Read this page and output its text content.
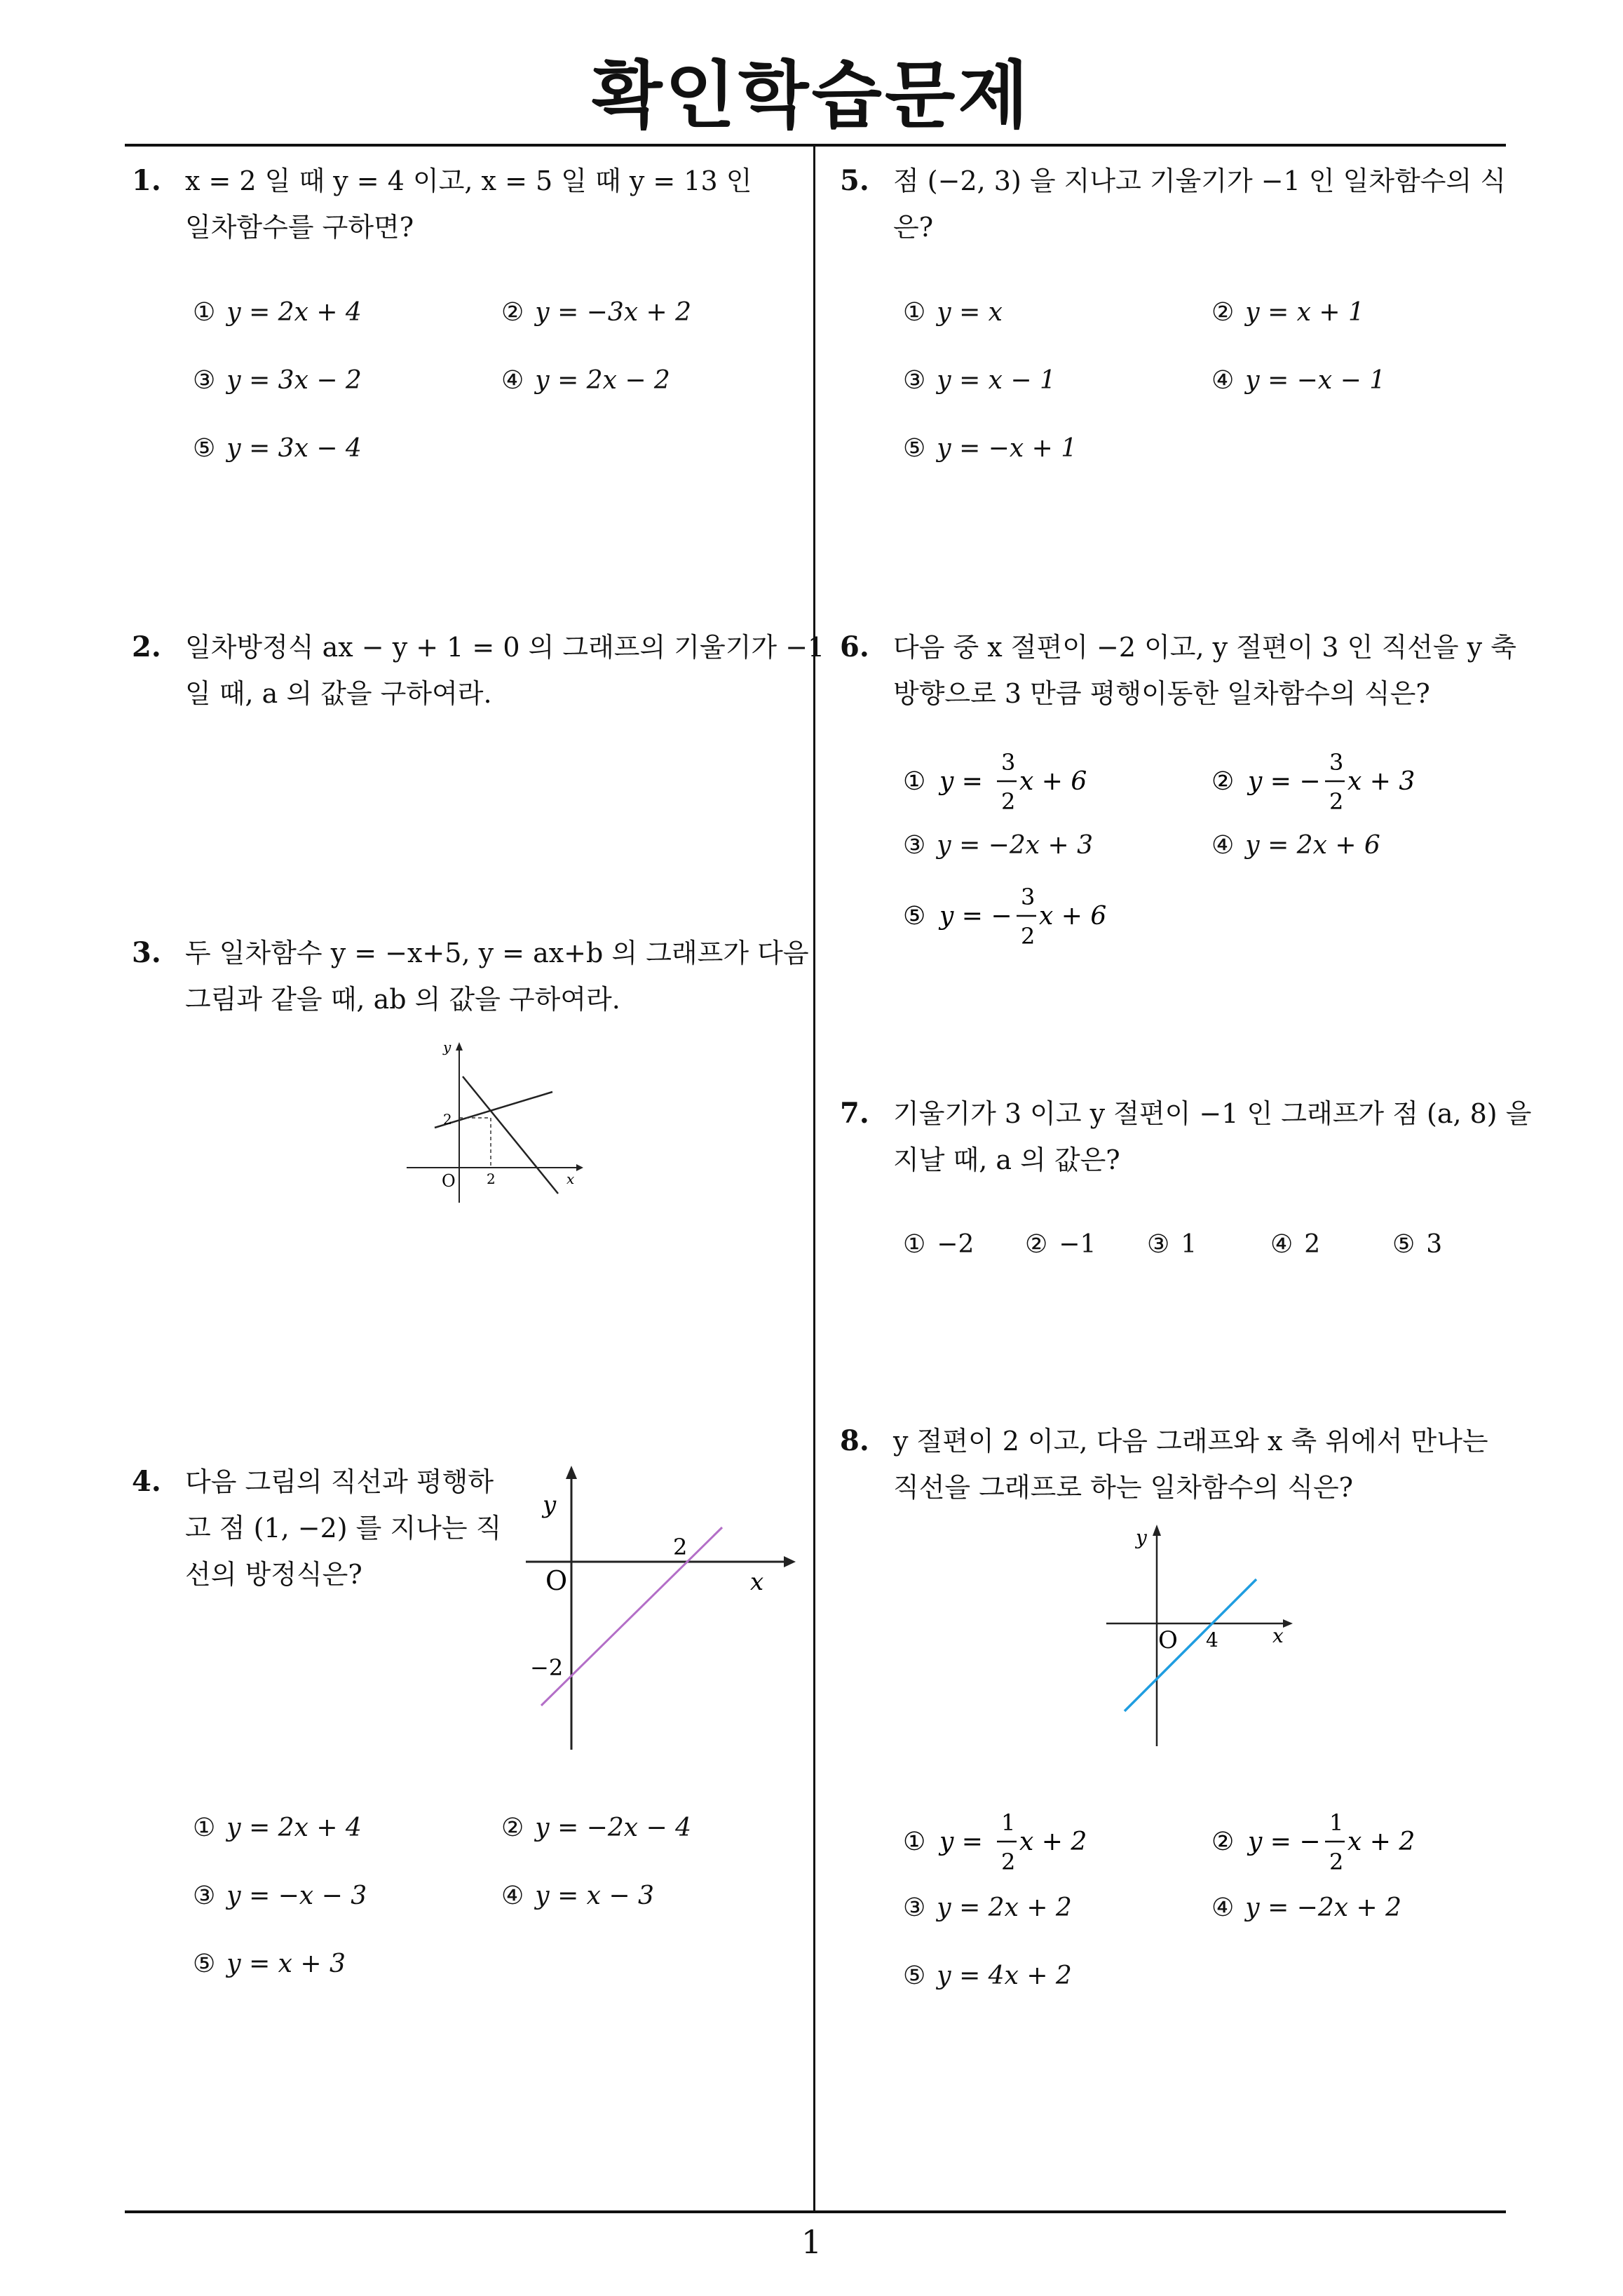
확인학습문제
1
1. x = 2 일 때 y = 4 이고, x = 5 일 때 y = 13 인
일차함수를 구하면?
① y = 2x + 4	② y = −3x + 2
③ y = 3x − 2	④ y = 2x − 2
⑤ y = 3x − 4
2. 일차방정식 ax − y + 1 = 0 의 그래프의 기울기가 −1
일 때, a 의 값을 구하여라.
3. 두 일차함수 y = −x+5, y = ax+b 의 그래프가 다음
그림과 같을 때, ab 의 값을 구하여라.
y
x
O 2
2
4. 다음 그림의 직선과 평행하
고 점 (1, −2) 를 지나는 직
선의 방정식은?
y
x
O
2
−2
① y = 2x + 4	② y = −2x − 4
③ y = −x − 3	④ y = x − 3
⑤ y = x + 3
5. 점 (−2, 3) 을 지나고 기울기가 −1 인 일차함수의 식
은?
① y = x	② y = x + 1
③ y = x − 1	④ y = −x − 1
⑤ y = −x + 1
6. 다음 중 x 절편이 −2 이고, y 절편이 3 인 직선을 y 축
방향으로 3 만큼 평행이동한 일차함수의 식은?
① y =
3
2
x + 6	② y = −
3
2
x + 3
③ y = −2x + 3	④ y = 2x + 6
⑤ y = −
3
2
x + 6
7. 기울기가 3 이고 y 절편이 −1 인 그래프가 점 (a, 8) 을
지날 때, a 의 값은?
① −2 ② −1 ③ 1	④ 2	⑤ 3
8. y 절편이 2 이고, 다음 그래프와 x 축 위에서 만나는
직선을 그래프로 하는 일차함수의 식은?
y
x
O 4
① y =
1
2
x + 2	② y = −
1
2
x + 2
③ y = 2x + 2	④ y = −2x + 2
⑤ y = 4x + 2
